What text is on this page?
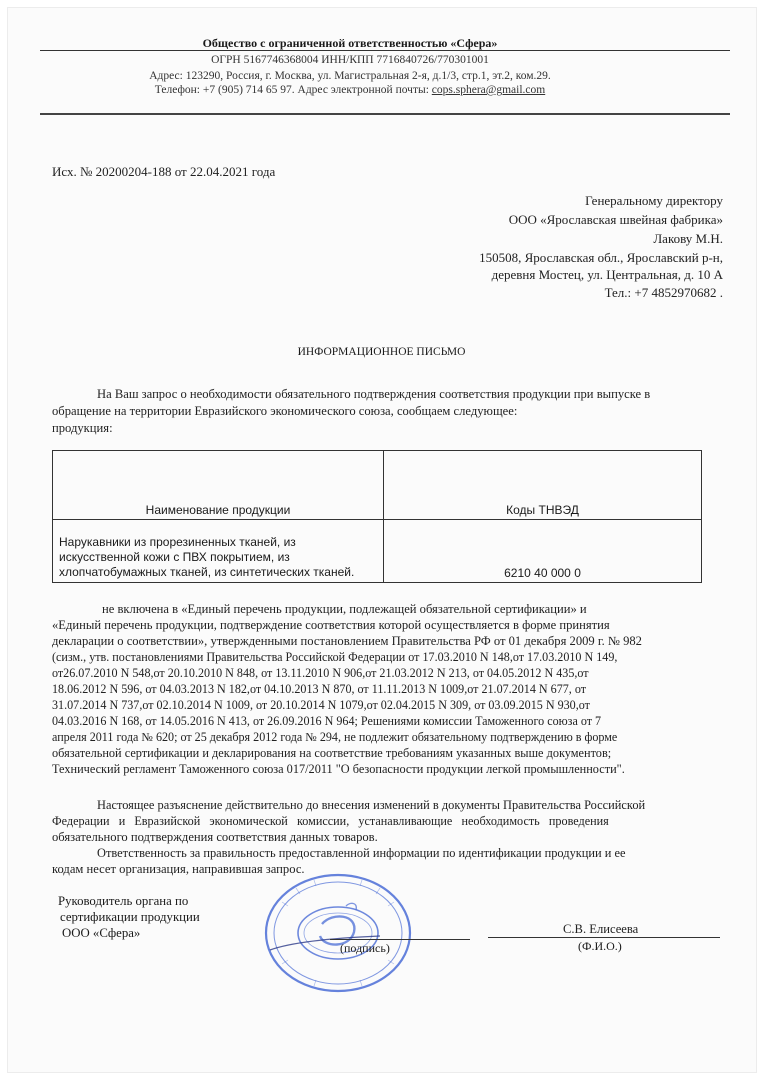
Общество с ограниченной ответственностью «Сфера»
ОГРН 5167746368004 ИНН/КПП 7716840726/770301001
Адрес: 123290, Россия, г. Москва, ул. Магистральная 2-я, д.1/3, стр.1, эт.2, ком.29.
Телефон: +7 (905) 714 65 97. Адрес электронной почты: cops.sphera@gmail.com
Исх. № 20200204-188 от 22.04.2021 года
Генеральному директору
ООО «Ярославская швейная фабрика»
Лакову М.Н.
150508, Ярославская обл., Ярославский р-н,
деревня Мостец, ул. Центральная, д. 10 А
Тел.: +7 4852970682 .
ИНФОРМАЦИОННОЕ ПИСЬМО
На Ваш запрос о необходимости обязательного подтверждения соответствия продукции при выпуске в
обращение на территории Евразийского экономического союза, сообщаем следующее:
продукция:
Наименование продукции	Коды ТНВЭД

Нарукавники из прорезиненных тканей, из
искусственной кожи с ПВХ покрытием, из
хлопчатобумажных тканей, из синтетических тканей.	6210 40 000 0
не включена в «Единый перечень продукции, подлежащей обязательной сертификации» и
«Единый перечень продукции, подтверждение соответствия которой осуществляется в форме принятия
декларации о соответствии», утвержденными постановлением Правительства РФ от 01 декабря 2009 г. № 982
(сизм., утв. постановлениями Правительства Российской Федерации от 17.03.2010 N 148,от 17.03.2010 N 149,
от26.07.2010 N 548,от 20.10.2010 N 848, от 13.11.2010 N 906,от 21.03.2012 N 213, от 04.05.2012 N 435,от
18.06.2012 N 596, от 04.03.2013 N 182,от 04.10.2013 N 870, от 11.11.2013 N 1009,от 21.07.2014 N 677, от
31.07.2014 N 737,от 02.10.2014 N 1009, от 20.10.2014 N 1079,от 02.04.2015 N 309, от 03.09.2015 N 930,от
04.03.2016 N 168, от 14.05.2016 N 413, от 26.09.2016 N 964; Решениями комиссии Таможенного союза от 7
апреля 2011 года № 620; от 25 декабря 2012 года № 294, не подлежит обязательному подтверждению в форме
обязательной сертификации и декларирования на соответствие требованиям указанных выше документов;
Технический регламент Таможенного союза 017/2011 "О безопасности продукции легкой промышленности".
Настоящее разъяснение действительно до внесения изменений в документы Правительства Российской
Федерации   и   Евразийской   экономической   комиссии,   устанавливающие   необходимость   проведения
обязательного подтверждения соответствия данных товаров.
Ответственность за правильность предоставленной информации по идентификации продукции и ее
кодам несет организация, направившая запрос.
Руководитель органа по
сертификации продукции
ООО «Сфера»
(подпись)
С.В. Елисеева
(Ф.И.О.)
